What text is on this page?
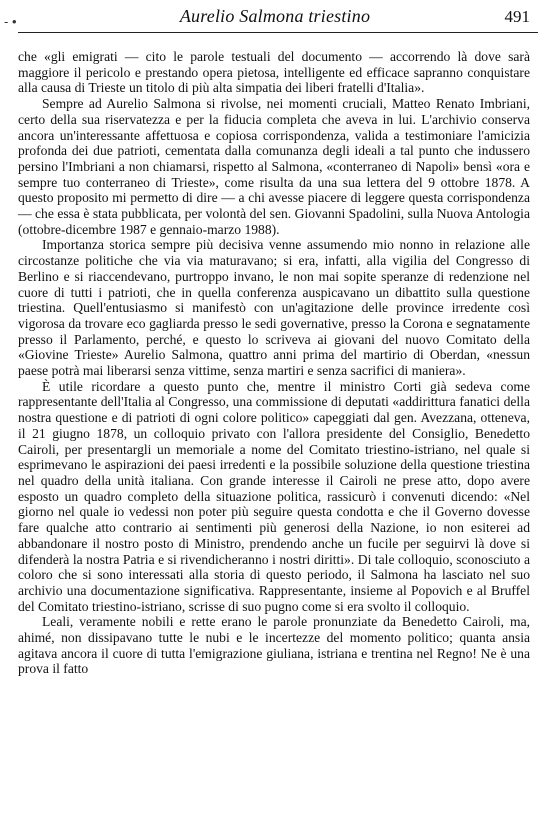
- •	Aurelio Salmona triestino	491

che «gli emigrati — cito le parole testuali del documento — accorrendo là dove sarà maggiore il pericolo e prestando opera pietosa, intelligente ed efficace sapranno conquistare alla causa di Trieste un titolo di più alta simpatia dei liberi fratelli d'Italia».

Sempre ad Aurelio Salmona si rivolse, nei momenti cruciali, Matteo Renato Imbriani, certo della sua riservatezza e per la fiducia completa che aveva in lui. L'archivio conserva ancora un'interessante affettuosa e copiosa corrispondenza, valida a testimoniare l'amicizia profonda dei due patrioti, cementata dalla comunanza degli ideali a tal punto che indussero persino l'Imbriani a non chiamarsi, rispetto al Salmona, «conterraneo di Napoli» bensì «ora e sempre tuo conterraneo di Trieste», come risulta da una sua lettera del 9 ottobre 1878. A questo proposito mi permetto di dire — a chi avesse piacere di leggere questa corrispondenza — che essa è stata pubblicata, per volontà del sen. Giovanni Spadolini, sulla Nuova Antologia (ottobre-dicembre 1987 e gennaio-marzo 1988).

Importanza storica sempre più decisiva venne assumendo mio nonno in relazione alle circostanze politiche che via via maturavano; si era, infatti, alla vigilia del Congresso di Berlino e si riaccendevano, purtroppo invano, le non mai sopite speranze di redenzione nel cuore di tutti i patrioti, che in quella conferenza auspicavano un dibattito sulla questione triestina. Quell'entusiasmo si manifestò con un'agitazione delle province irredente così vigorosa da trovare eco gagliarda presso le sedi governative, presso la Corona e segnatamente presso il Parlamento, perché, e questo lo scriveva ai giovani del nuovo Comitato della «Giovine Trieste» Aurelio Salmona, quattro anni prima del martirio di Oberdan, «nessun paese potrà mai liberarsi senza vittime, senza martiri e senza sacrifici di maniera».

È utile ricordare a questo punto che, mentre il ministro Corti già sedeva come rappresentante dell'Italia al Congresso, una commissione di deputati «addirittura fanatici della nostra questione e di patrioti di ogni colore politico» capeggiati dal gen. Avezzana, otteneva, il 21 giugno 1878, un colloquio privato con l'allora presidente del Consiglio, Benedetto Cairoli, per presentargli un memoriale a nome del Comitato triestino-istriano, nel quale si esprimevano le aspirazioni dei paesi irredenti e la possibile soluzione della questione triestina nel quadro della unità italiana. Con grande interesse il Cairoli ne prese atto, dopo avere esposto un quadro completo della situazione politica, rassicurò i convenuti dicendo: «Nel giorno nel quale io vedessi non poter più seguire questa condotta e che il Governo dovesse fare qualche atto contrario ai sentimenti più generosi della Nazione, io non esiterei ad abbandonare il nostro posto di Ministro, prendendo anche un fucile per seguirvi là dove si difenderà la nostra Patria e si rivendicheranno i nostri diritti». Di tale colloquio, sconosciuto a coloro che si sono interessati alla storia di questo periodo, il Salmona ha lasciato nel suo archivio una documentazione significativa. Rappresentante, insieme al Popovich e al Bruffel del Comitato triestino-istriano, scrisse di suo pugno come si era svolto il colloquio.

Leali, veramente nobili e rette erano le parole pronunziate da Benedetto Cairoli, ma, ahimé, non dissipavano tutte le nubi e le incertezze del momento politico; quanta ansia agitava ancora il cuore di tutta l'emigrazione giuliana, istriana e trentina nel Regno! Ne è una prova il fatto
